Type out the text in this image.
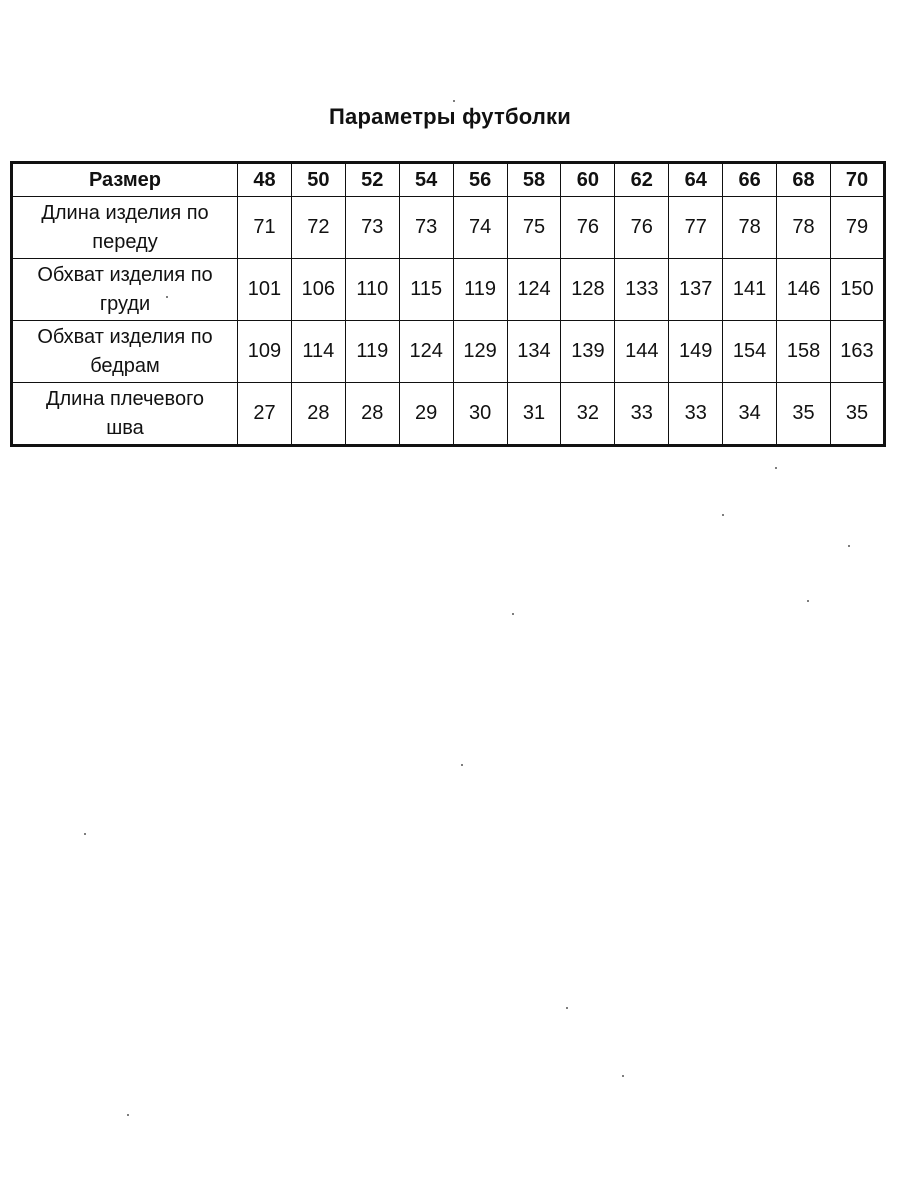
Параметры футболки
Размер	48	50	52	54	56	58	60	62	64	66	68	70
Длина изделия по
переду	71	72	73	73	74	75	76	76	77	78	78	79
Обхват изделия по
груди	101	106	110	115	119	124	128	133	137	141	146	150
Обхват изделия по
бедрам	109	114	119	124	129	134	139	144	149	154	158	163
Длина плечевого
шва	27	28	28	29	30	31	32	33	33	34	35	35
